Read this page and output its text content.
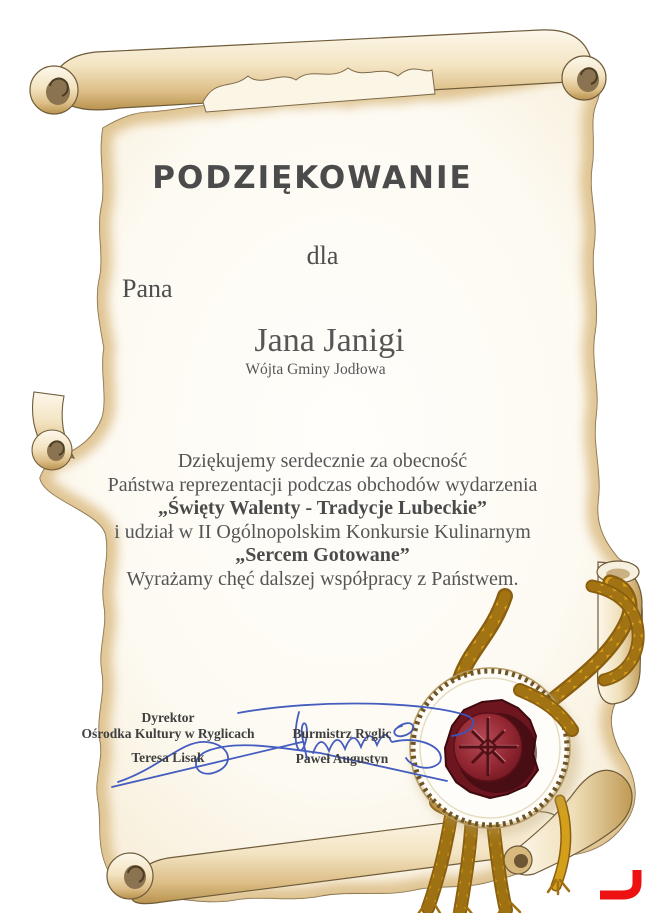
PODZIĘKOWANIE
dla
Pana
Jana Janigi
Wójta Gminy Jodłowa
Dziękujemy serdecznie za obecność
Państwa reprezentacji podczas obchodów wydarzenia
„Święty Walenty - Tradycje Lubeckie”
i udział w II Ogólnopolskim Konkursie Kulinarnym
„Sercem Gotowane”
Wyrażamy chęć dalszej współpracy z Państwem.
Dyrektor
Ośrodka Kultury w Ryglicach
Teresa Lisak
Burmistrz Ryglic
Paweł Augustyn
